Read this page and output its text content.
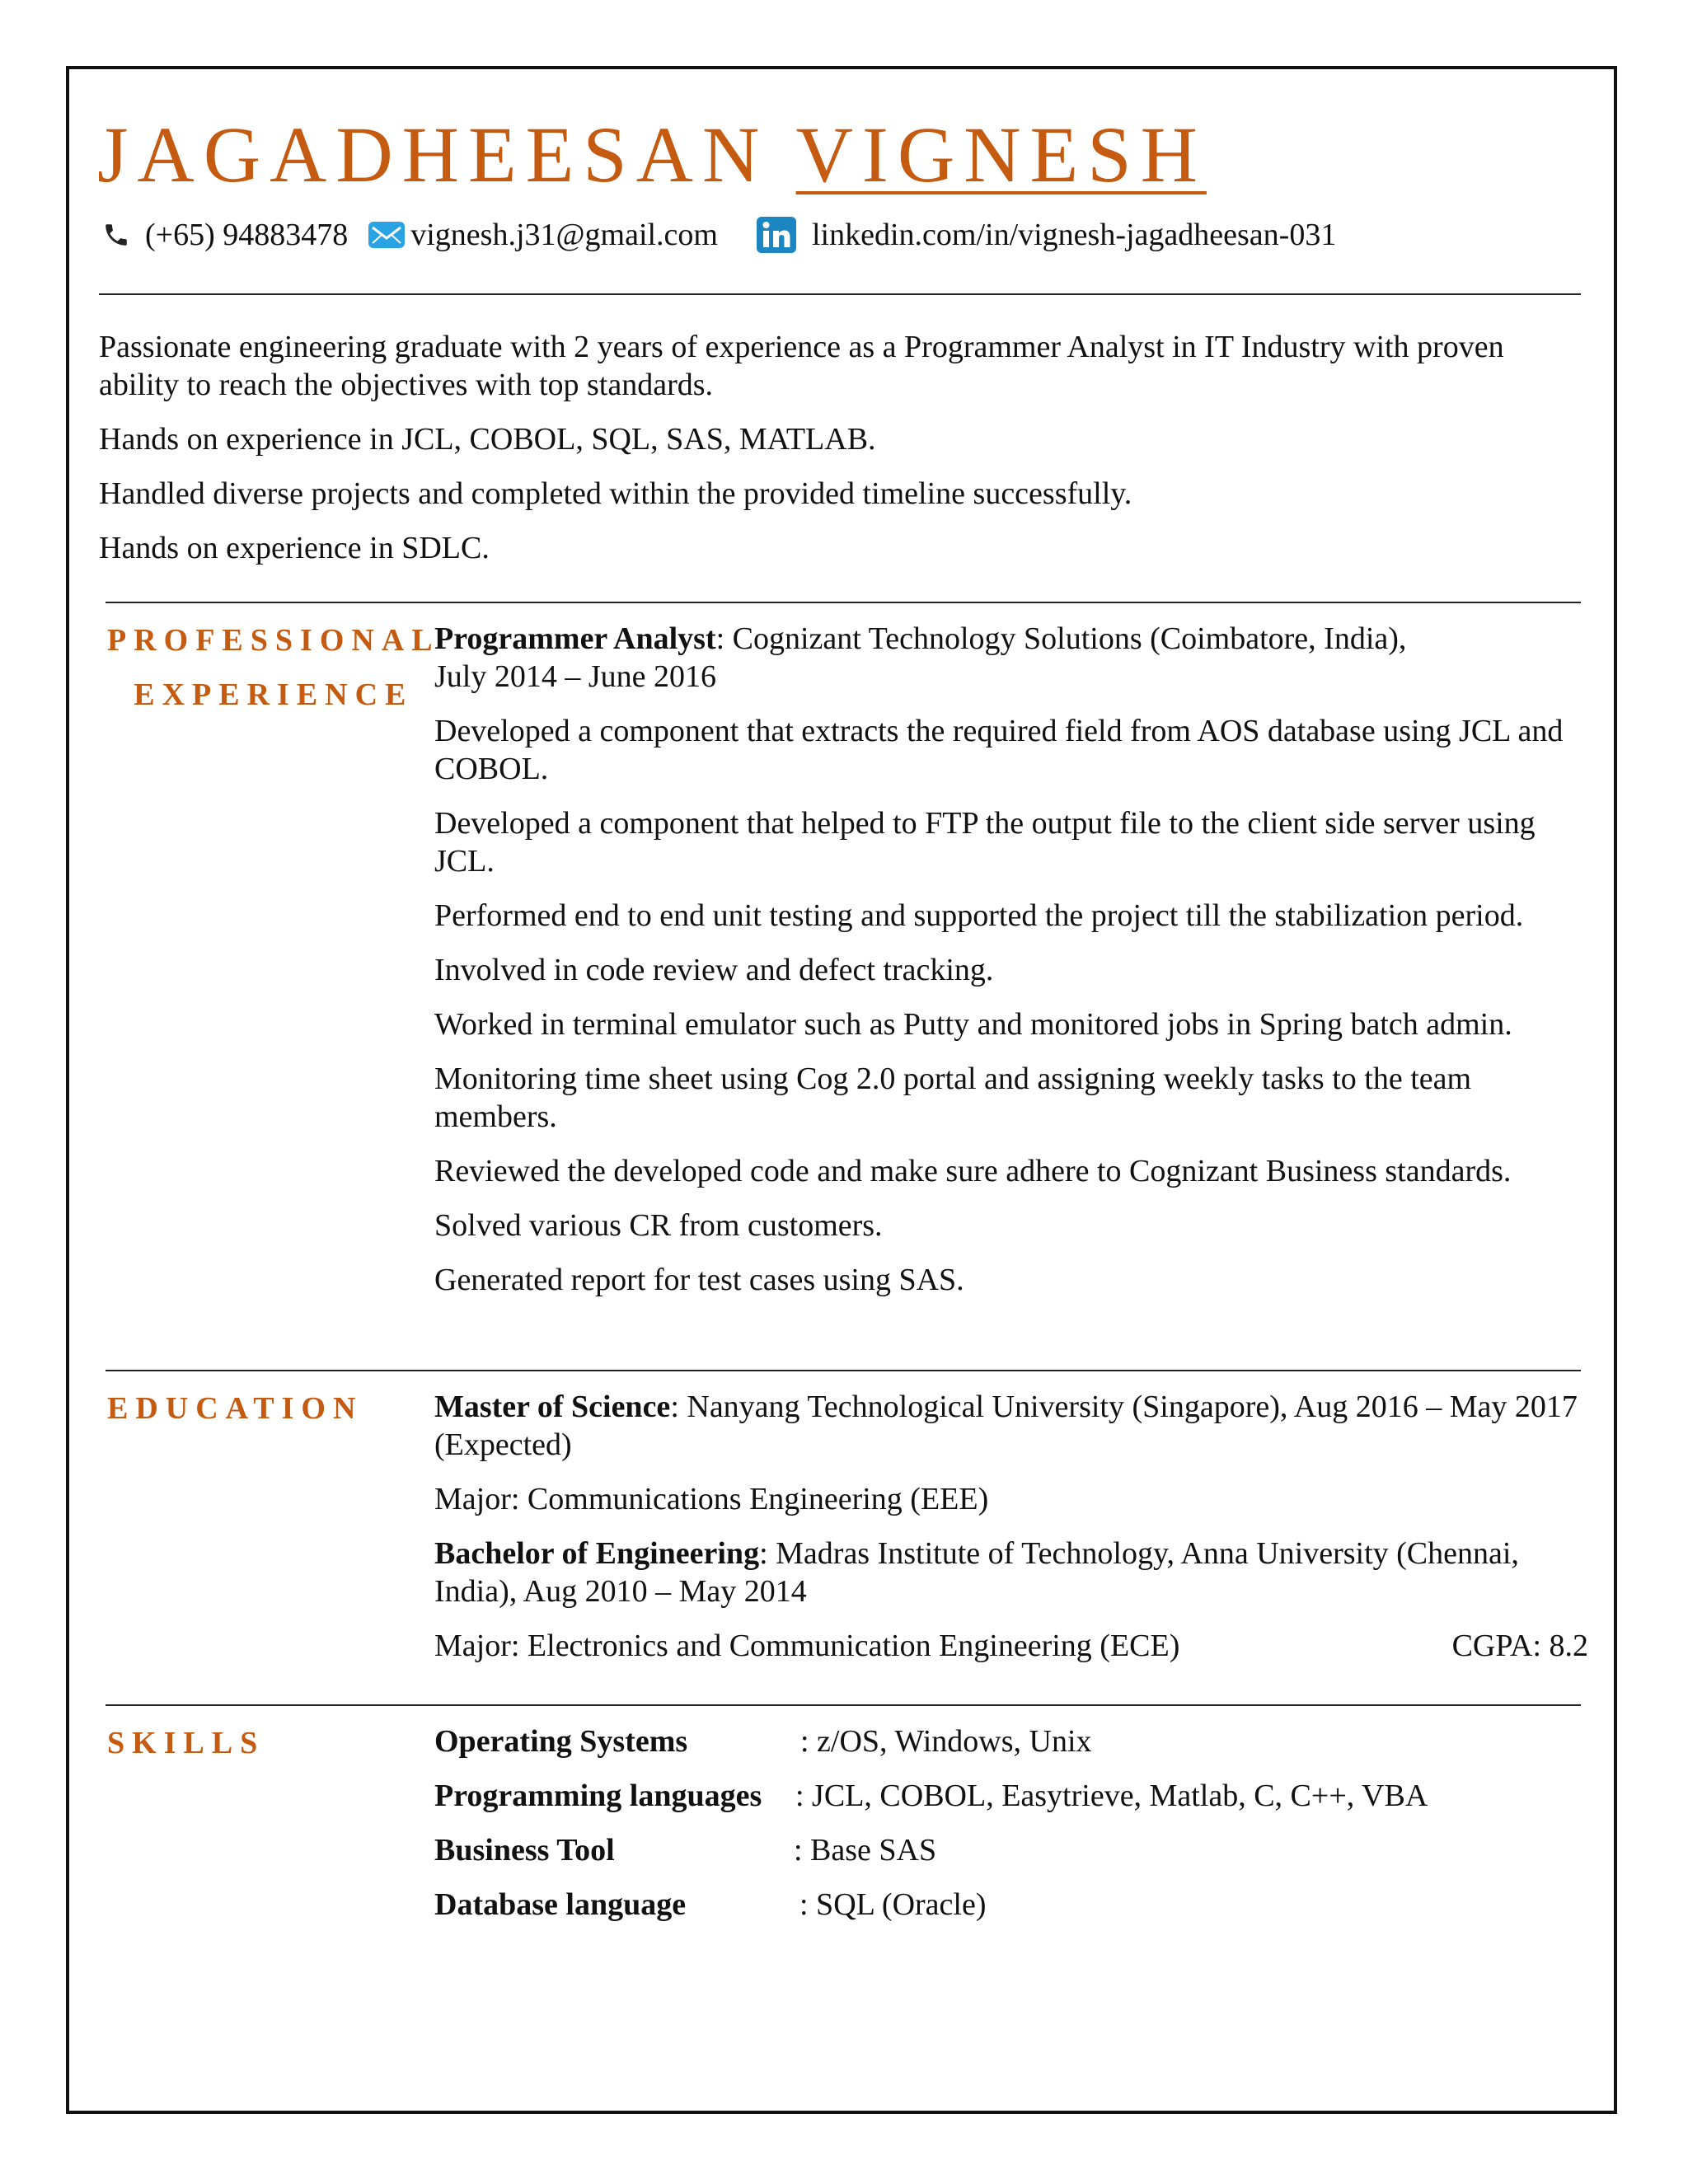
JAGADHEESAN VIGNESH
(+65) 94883478 vignesh.j31@gmail.com	linkedin.com/in/vignesh-jagadheesan-031

Passionate engineering graduate with 2 years of experience as a Programmer Analyst in IT Industry with proven ability to reach the objectives with top standards.

Hands on experience in JCL, COBOL, SQL, SAS, MATLAB.

Handled diverse projects and completed within the provided timeline successfully.

Hands on experience in SDLC.

PROFESSIONAL
EXPERIENCE

Programmer Analyst: Cognizant Technology Solutions (Coimbatore, India),
July 2014 – June 2016

Developed a component that extracts the required field from AOS database using JCL and COBOL.

Developed a component that helped to FTP the output file to the client side server using JCL.

Performed end to end unit testing and supported the project till the stabilization period.

Involved in code review and defect tracking.

Worked in terminal emulator such as Putty and monitored jobs in Spring batch admin.

Monitoring time sheet using Cog 2.0 portal and assigning weekly tasks to the team members.

Reviewed the developed code and make sure adhere to Cognizant Business standards.

Solved various CR from customers.

Generated report for test cases using SAS.

EDUCATION Master of Science: Nanyang Technological University (Singapore), Aug 2016 – May 2017 (Expected)

Major: Communications Engineering (EEE)

Bachelor of Engineering: Madras Institute of Technology, Anna University (Chennai, India), Aug 2010 – May 2014

Major: Electronics and Communication Engineering (ECE)	CGPA: 8.2

SKILLS	Operating Systems	: z/OS, Windows, Unix
Programming languages	: JCL, COBOL, Easytrieve, Matlab, C, C++, VBA
Business Tool	: Base SAS
Database language	: SQL (Oracle)
